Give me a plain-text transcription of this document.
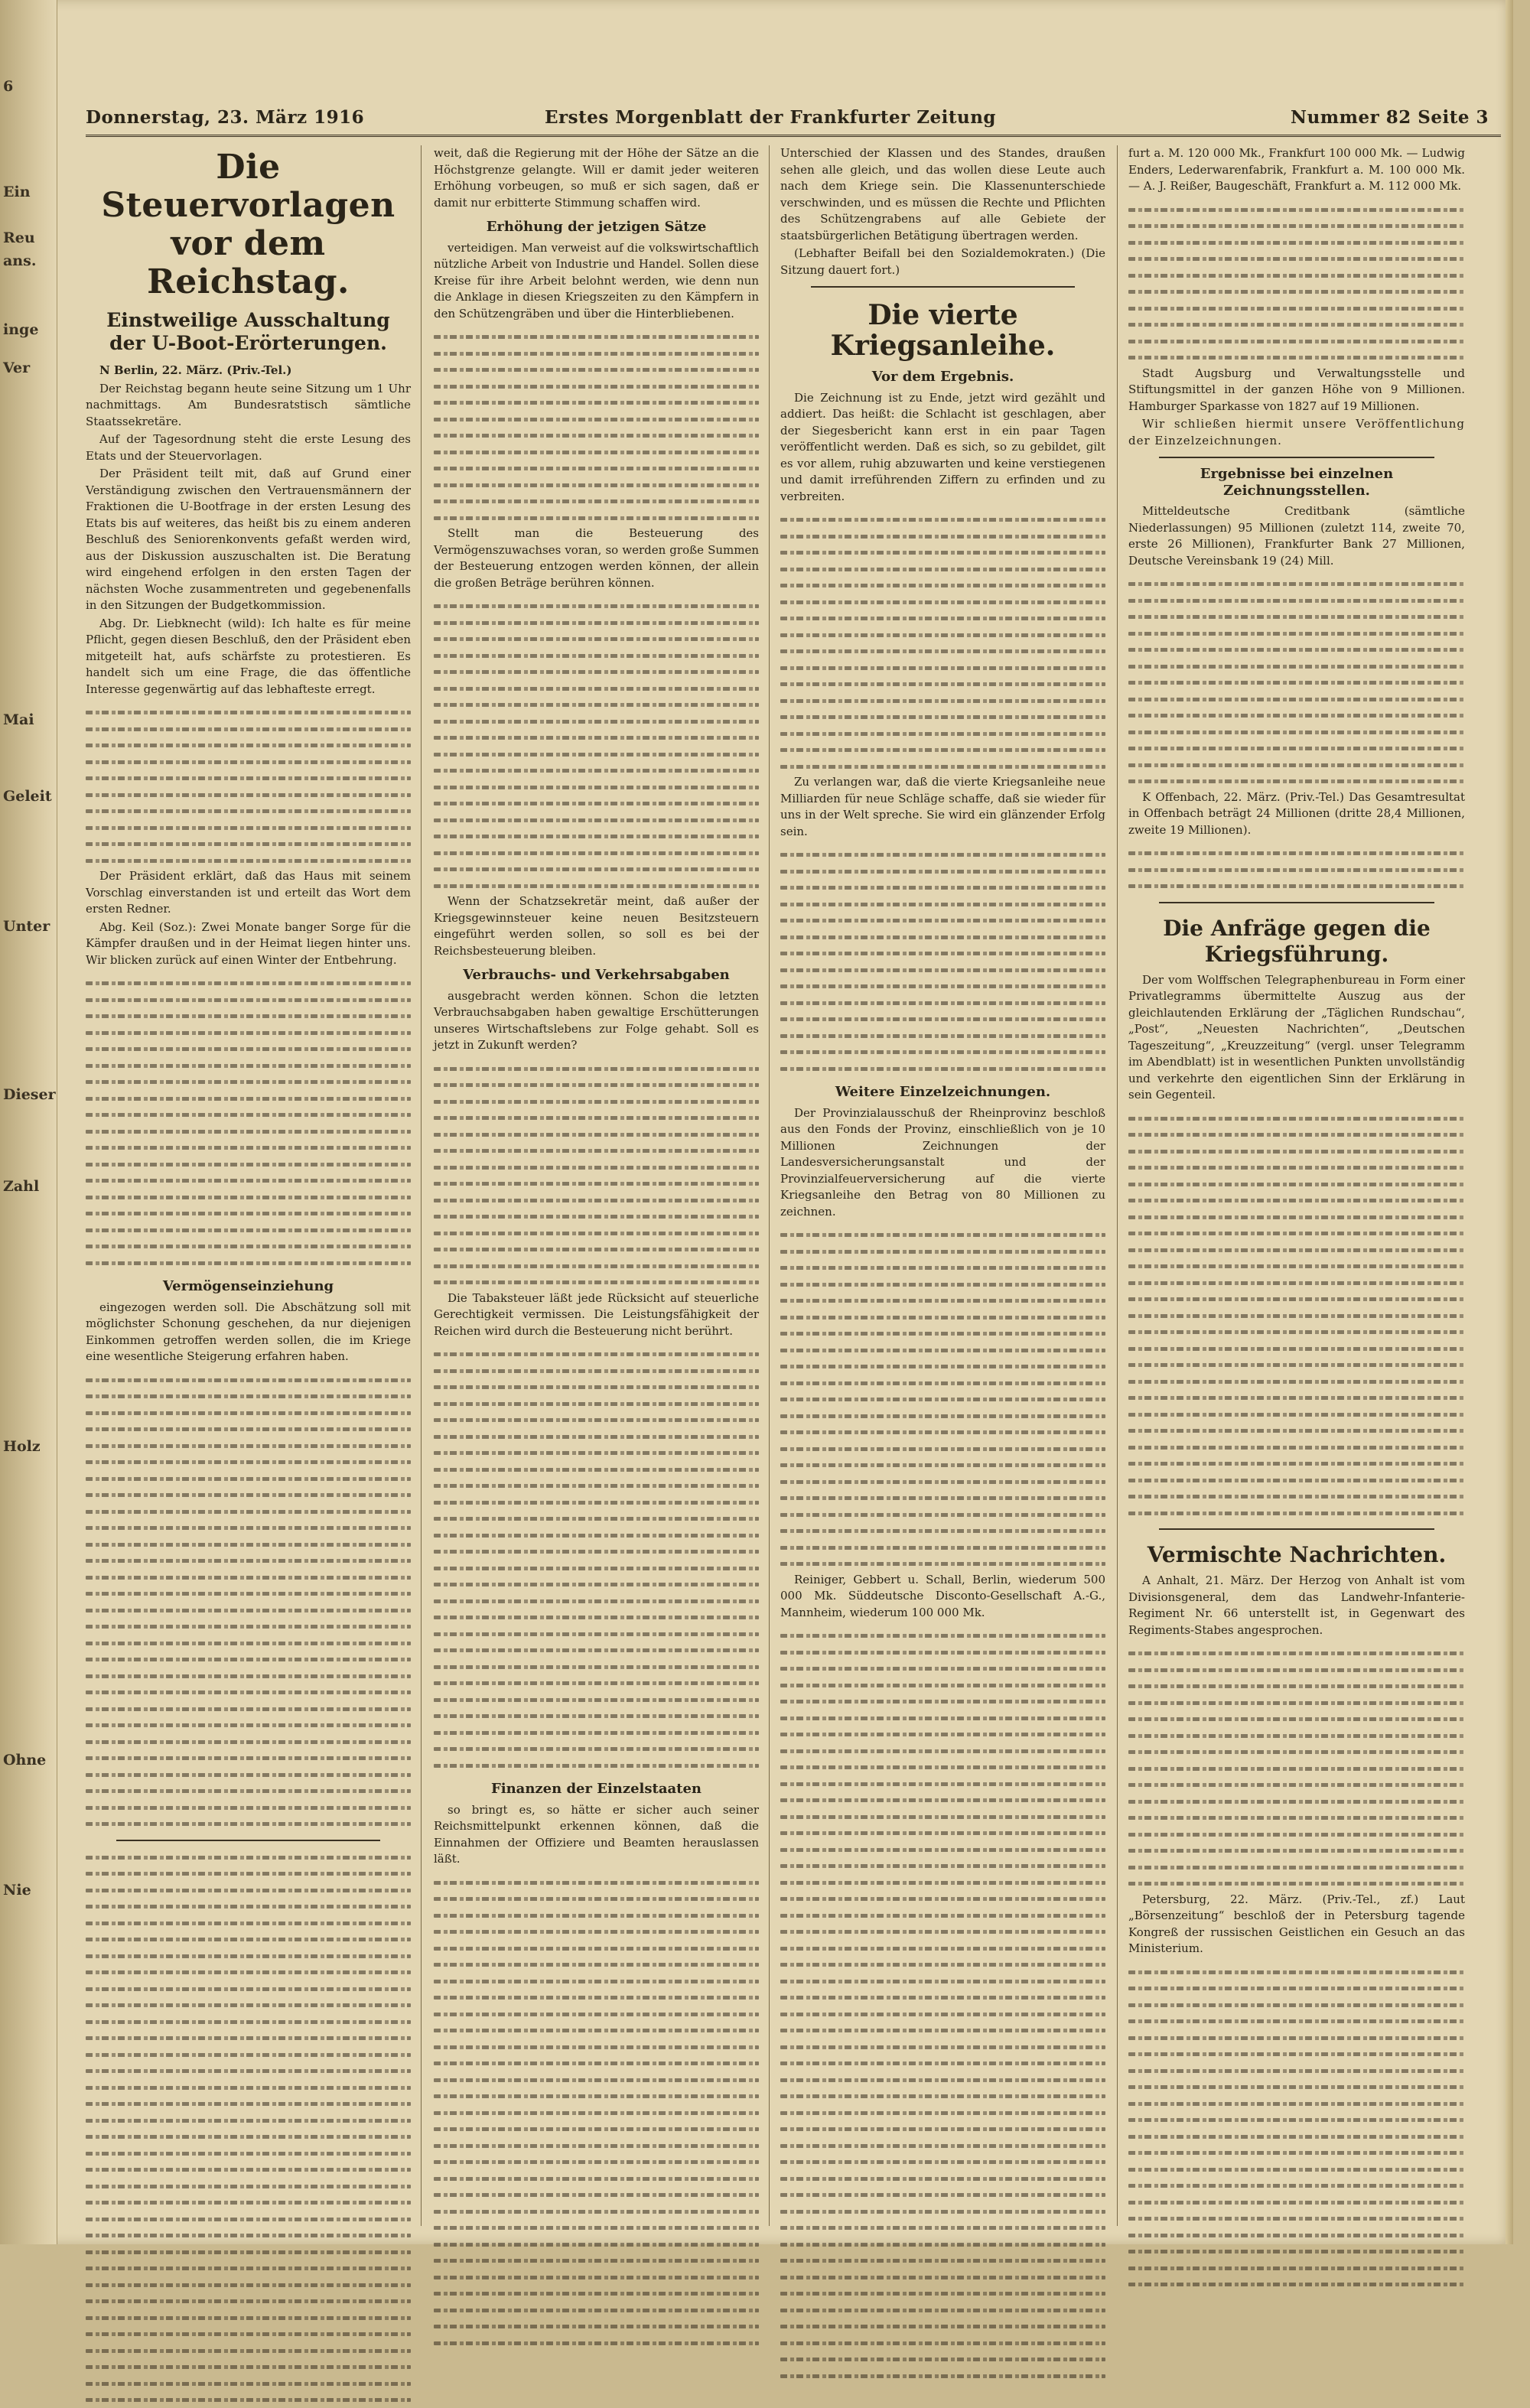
6
Ein
Reu
ans.
inge
Ver
Mai
Geleit
Unter
Dieser
Zahl
Holz
Ohne
Nie
Donnerstag, 23. März 1916	Erstes Morgenblatt der Frankfurter Zeitung	Nummer 82 Seite 3
Die Steuervorlagen vor dem Reichstag.
Einstweilige Ausschaltung der U-Boot-Erörterungen.

N Berlin, 22. März. (Priv.-Tel.)

Der Reichstag begann heute seine Sitzung um 1 Uhr nachmittags. Am Bundesratstisch sämtliche Staatssekretäre.

Auf der Tagesordnung steht die erste Lesung des Etats und der Steuervorlagen.

Der Präsident teilt mit, daß auf Grund einer Verständigung zwischen den Vertrauensmännern der Fraktionen die U-Bootfrage in der ersten Lesung des Etats bis auf weiteres, das heißt bis zu einem anderen Beschluß des Seniorenkonvents gefaßt werden wird, aus der Diskussion auszuschalten ist. Die Beratung wird eingehend erfolgen in den ersten Tagen der nächsten Woche zusammentreten und gegebenenfalls in den Sitzungen der Budgetkommission.

Abg. Dr. Liebknecht (wild): Ich halte es für meine Pflicht, gegen diesen Beschluß, den der Präsident eben mitgeteilt hat, aufs schärfste zu protestieren. Es handelt sich um eine Frage, die das öffentliche Interesse gegenwärtig auf das lebhafteste erregt.

Der Präsident erklärt, daß das Haus mit seinem Vorschlag einverstanden ist und erteilt das Wort dem ersten Redner.

Abg. Keil (Soz.): Zwei Monate banger Sorge für die Kämpfer draußen und in der Heimat liegen hinter uns. Wir blicken zurück auf einen Winter der Entbehrung.

Vermögenseinziehung

eingezogen werden soll. Die Abschätzung soll mit möglichster Schonung geschehen, da nur diejenigen Einkommen getroffen werden sollen, die im Kriege eine wesentliche Steigerung erfahren haben.

weit, daß die Regierung mit der Höhe der Sätze an die Höchstgrenze gelangte. Will er damit jeder weiteren Erhöhung vorbeugen, so muß er sich sagen, daß er damit nur erbitterte Stimmung schaffen wird.

Erhöhung der jetzigen Sätze

verteidigen. Man verweist auf die volkswirtschaftlich nützliche Arbeit von Industrie und Handel. Sollen diese Kreise für ihre Arbeit belohnt werden, wie denn nun die Anklage in diesen Kriegszeiten zu den Kämpfern in den Schützengräben und über die Hinterbliebenen.

Stellt man die Besteuerung des Vermögenszuwachses voran, so werden große Summen der Besteuerung entzogen werden können, der allein die großen Beträge berühren können.

Wenn der Schatzsekretär meint, daß außer der Kriegsgewinnsteuer keine neuen Besitzsteuern eingeführt werden sollen, so soll es bei der Reichsbesteuerung bleiben.

Verbrauchs- und Verkehrsabgaben

ausgebracht werden können. Schon die letzten Verbrauchsabgaben haben gewaltige Erschütterungen unseres Wirtschaftslebens zur Folge gehabt. Soll es jetzt in Zukunft werden?

Die Tabaksteuer läßt jede Rücksicht auf steuerliche Gerechtigkeit vermissen. Die Leistungsfähigkeit der Reichen wird durch die Besteuerung nicht berührt.

Finanzen der Einzelstaaten

so bringt es, so hätte er sicher auch seiner Reichsmittelpunkt erkennen können, daß die Einnahmen der Offiziere und Beamten herauslassen läßt.

Unterschied der Klassen und des Standes, draußen sehen alle gleich, und das wollen diese Leute auch nach dem Kriege sein. Die Klassenunterschiede verschwinden, und es müssen die Rechte und Pflichten des Schützengrabens auf alle Gebiete der staatsbürgerlichen Betätigung übertragen werden.

(Lebhafter Beifall bei den Sozialdemokraten.) (Die Sitzung dauert fort.)

Die vierte Kriegsanleihe.
Vor dem Ergebnis.

Die Zeichnung ist zu Ende, jetzt wird gezählt und addiert. Das heißt: die Schlacht ist geschlagen, aber der Siegesbericht kann erst in ein paar Tagen veröffentlicht werden. Daß es sich, so zu gebildet, gilt es vor allem, ruhig abzuwarten und keine verstiegenen und damit irreführenden Ziffern zu erfinden und zu verbreiten.

Zu verlangen war, daß die vierte Kriegsanleihe neue Milliarden für neue Schläge schaffe, daß sie wieder für uns in der Welt spreche. Sie wird ein glänzender Erfolg sein.

Weitere Einzelzeichnungen.

Der Provinzialausschuß der Rheinprovinz beschloß aus den Fonds der Provinz, einschließlich von je 10 Millionen Zeichnungen der Landesversicherungsanstalt und der Provinzialfeuerversicherung auf die vierte Kriegsanleihe den Betrag von 80 Millionen zu zeichnen.

Reiniger, Gebbert u. Schall, Berlin, wiederum 500 000 Mk. Süddeutsche Disconto-Gesellschaft A.-G., Mannheim, wiederum 100 000 Mk.

furt a. M. 120 000 Mk., Frankfurt 100 000 Mk. — Ludwig Enders, Lederwarenfabrik, Frankfurt a. M. 100 000 Mk. — A. J. Reißer, Baugeschäft, Frankfurt a. M. 112 000 Mk.

Stadt Augsburg und Verwaltungsstelle und Stiftungsmittel in der ganzen Höhe von 9 Millionen. Hamburger Sparkasse von 1827 auf 19 Millionen.

Wir schließen hiermit unsere Veröffentlichung der Einzelzeichnungen.

Ergebnisse bei einzelnen Zeichnungsstellen.

Mitteldeutsche Creditbank (sämtliche Niederlassungen) 95 Millionen (zuletzt 114, zweite 70, erste 26 Millionen), Frankfurter Bank 27 Millionen, Deutsche Vereinsbank 19 (24) Mill.

K Offenbach, 22. März. (Priv.-Tel.) Das Gesamtresultat in Offenbach beträgt 24 Millionen (dritte 28,4 Millionen, zweite 19 Millionen).

Die Anfräge gegen die Kriegsführung.

Der vom Wolffschen Telegraphenbureau in Form einer Privatlegramms übermittelte Auszug aus der gleichlautenden Erklärung der „Täglichen Rundschau“, „Post“, „Neuesten Nachrichten“, „Deutschen Tageszeitung“, „Kreuzzeitung“ (vergl. unser Telegramm im Abendblatt) ist in wesentlichen Punkten unvollständig und verkehrte den eigentlichen Sinn der Erklärung in sein Gegenteil.

Vermischte Nachrichten.

A Anhalt, 21. März. Der Herzog von Anhalt ist vom Divisionsgeneral, dem das Landwehr-Infanterie-Regiment Nr. 66 unterstellt ist, in Gegenwart des Regiments-Stabes angesprochen.

Petersburg, 22. März. (Priv.-Tel., zf.) Laut „Börsenzeitung“ beschloß der in Petersburg tagende Kongreß der russischen Geistlichen ein Gesuch an das Ministerium.
